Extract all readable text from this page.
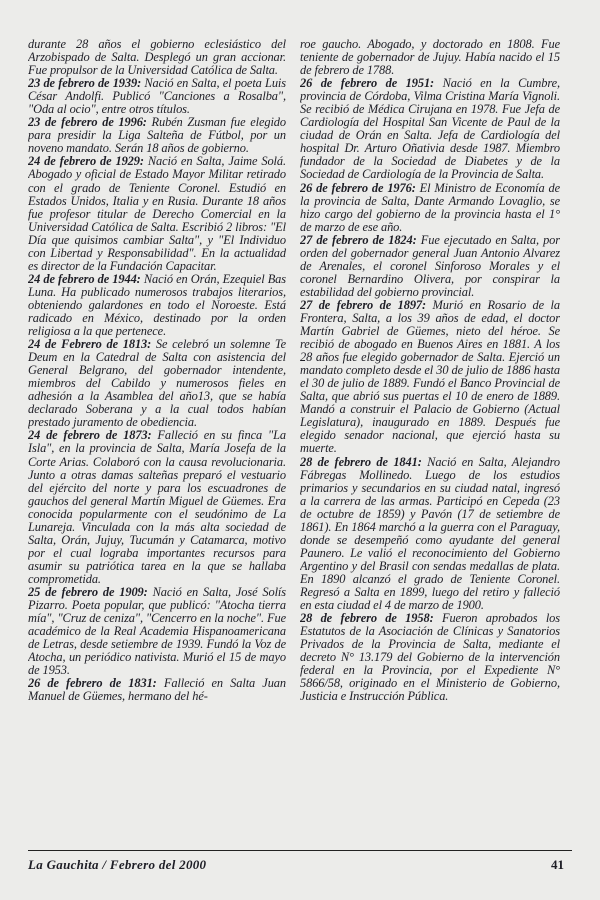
durante 28 años el gobierno eclesiástico del Arzobispado de Salta. Desplegó un gran accionar. Fue propulsor de la Universidad Católica de Salta.

23 de febrero de 1939: Nació en Salta, el poeta Luis César Andolfi. Publicó "Canciones a Rosalba", "Oda al ocio", entre otros títulos.

23 de febrero de 1996: Rubén Zusman fue elegido para presidir la Liga Salteña de Fútbol, por un noveno mandato. Serán 18 años de gobierno.

24 de febrero de 1929: Nació en Salta, Jaime Solá. Abogado y oficial de Estado Mayor Militar retirado con el grado de Teniente Coronel. Estudió en Estados Unidos, Italia y en Rusia. Durante 18 años fue profesor titular de Derecho Comercial en la Universidad Católica de Salta. Escribió 2 libros: "El Día que quisimos cambiar Salta", y "El Individuo con Libertad y Responsabilidad". En la actualidad es director de la Fundación Capacitar.

24 de febrero de 1944: Nació en Orán, Ezequiel Bas Luna. Ha publicado numerosos trabajos literarios, obteniendo galardones en todo el Noroeste. Está radicado en México, destinado por la orden religiosa a la que pertenece.

24 de Febrero de 1813: Se celebró un solemne Te Deum en la Catedral de Salta con asistencia del General Belgrano, del gobernador intendente, miembros del Cabildo y numerosos fieles en adhesión a la Asamblea del año13, que se había declarado Soberana y a la cual todos habían prestado juramento de obediencia.

24 de febrero de 1873: Falleció en su finca "La Isla", en la provincia de Salta, María Josefa de la Corte Arias. Colaboró con la causa revolucionaria. Junto a otras damas salteñas preparó el vestuario del ejército del norte y para los escuadrones de gauchos del general Martín Miguel de Güemes. Era conocida popularmente con el seudónimo de La Lunareja. Vinculada con la más alta sociedad de Salta, Orán, Jujuy, Tucumán y Catamarca, motivo por el cual lograba importantes recursos para asumir su patriótica tarea en la que se hallaba comprometida.

25 de febrero de 1909: Nació en Salta, José Solís Pizarro. Poeta popular, que publicó: "Atocha tierra mía", "Cruz de ceniza", "Cencerro en la noche". Fue académico de la Real Academia Hispanoamericana de Letras, desde setiembre de 1939. Fundó la Voz de Atocha, un periódico nativista. Murió el 15 de mayo de 1953.

26 de febrero de 1831: Falleció en Salta Juan Manuel de Güemes, hermano del hé-

roe gaucho. Abogado, y doctorado en 1808. Fue teniente de gobernador de Jujuy. Había nacido el 15 de febrero de 1788.

26 de febrero de 1951: Nació en la Cumbre, provincia de Córdoba, Vilma Cristina María Vignoli. Se recibió de Médica Cirujana en 1978. Fue Jefa de Cardiología del Hospital San Vicente de Paul de la ciudad de Orán en Salta. Jefa de Cardiología del hospital Dr. Arturo Oñativia desde 1987. Miembro fundador de la Sociedad de Diabetes y de la Sociedad de Cardiología de la Provincia de Salta.

26 de febrero de 1976: El Ministro de Economía de la provincia de Salta, Dante Armando Lovaglio, se hizo cargo del gobierno de la provincia hasta el 1° de marzo de ese año.

27 de febrero de 1824: Fue ejecutado en Salta, por orden del gobernador general Juan Antonio Alvarez de Arenales, el coronel Sinforoso Morales y el coronel Bernardino Olivera, por conspirar la estabilidad del gobierno provincial.

27 de febrero de 1897: Murió en Rosario de la Frontera, Salta, a los 39 años de edad, el doctor Martín Gabriel de Güemes, nieto del héroe. Se recibió de abogado en Buenos Aires en 1881. A los 28 años fue elegido gobernador de Salta. Ejerció un mandato completo desde el 30 de julio de 1886 hasta el 30 de julio de 1889. Fundó el Banco Provincial de Salta, que abrió sus puertas el 10 de enero de 1889. Mandó a construir el Palacio de Gobierno (Actual Legislatura), inaugurado en 1889. Después fue elegido senador nacional, que ejerció hasta su muerte.

28 de febrero de 1841: Nació en Salta, Alejandro Fábregas Mollinedo. Luego de los estudios primarios y secundarios en su ciudad natal, ingresó a la carrera de las armas. Participó en Cepeda (23 de octubre de 1859) y Pavón (17 de setiembre de 1861). En 1864 marchó a la guerra con el Paraguay, donde se desempeñó como ayudante del general Paunero. Le valió el reconocimiento del Gobierno Argentino y del Brasil con sendas medallas de plata. En 1890 alcanzó el grado de Teniente Coronel. Regresó a Salta en 1899, luego del retiro y falleció en esta ciudad el 4 de marzo de 1900.

28 de febrero de 1958: Fueron aprobados los Estatutos de la Asociación de Clínicas y Sanatorios Privados de la Provincia de Salta, mediante el decreto N° 13.179 del Gobierno de la intervención federal en la Provincia, por el Expediente N° 5866/58, originado en el Ministerio de Gobierno, Justicia e Instrucción Pública.

La Gauchita / Febrero del 2000	41
